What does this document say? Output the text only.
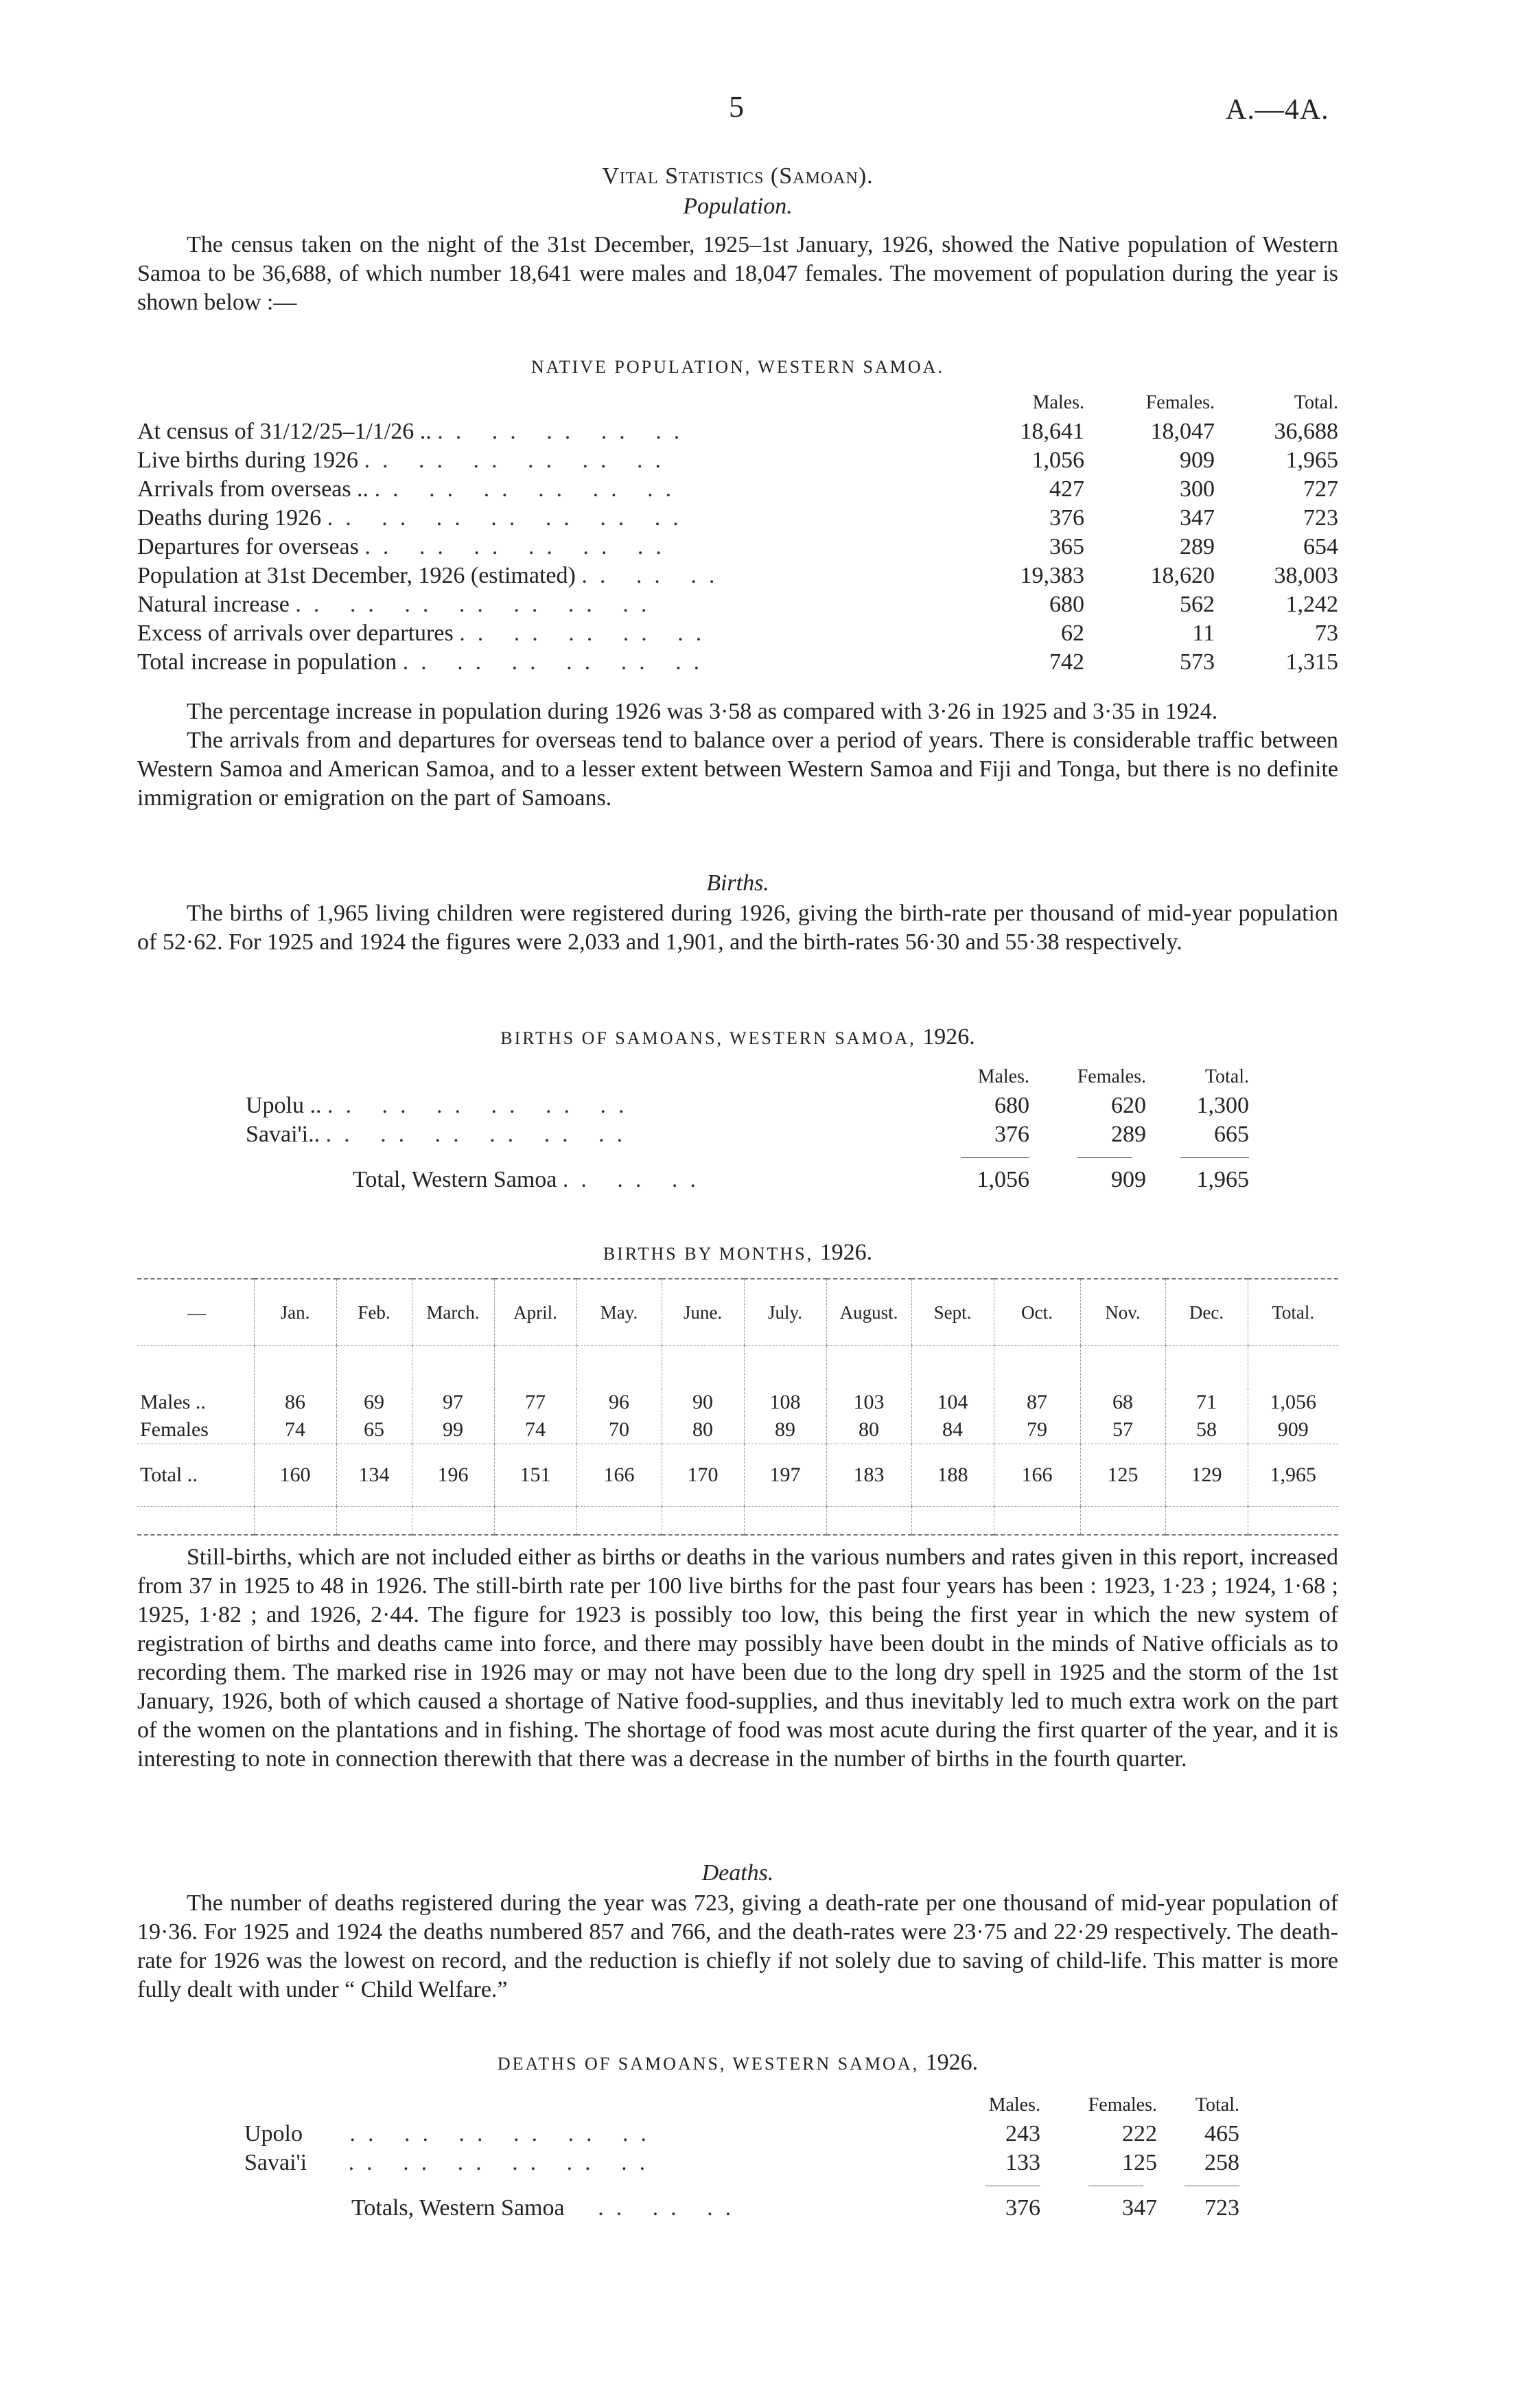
5	A.—4A.
Vital Statistics (Samoan).
Population.

The census taken on the night of the 31st December, 1925–1st January, 1926, showed the Native population of Western Samoa to be 36,688, of which number 18,641 were males and 18,047 females. The movement of population during the year is shown below :—

NATIVE POPULATION, WESTERN SAMOA.
	Males.	Females.	Total.
At census of 31/12/25–1/1/26 .. .. .. .. .. ..	18,641	18,047	36,688
Live births during 1926 .. .. .. .. .. ..	1,056	909	1,965
Arrivals from overseas .. .. .. .. .. .. ..	427	300	727
Deaths during 1926 .. .. .. .. .. .. ..	376	347	723
Departures for overseas .. .. .. .. .. ..	365	289	654
Population at 31st December, 1926 (estimated) .. .. ..	19,383	18,620	38,003
Natural increase .. .. .. .. .. .. ..	680	562	1,242
Excess of arrivals over departures .. .. .. .. ..	62	11	73
Total increase in population .. .. .. .. .. ..	742	573	1,315

The percentage increase in population during 1926 was 3·58 as compared with 3·26 in 1925 and 3·35 in 1924.

The arrivals from and departures for overseas tend to balance over a period of years. There is considerable traffic between Western Samoa and American Samoa, and to a lesser extent between Western Samoa and Fiji and Tonga, but there is no definite immigration or emigration on the part of Samoans.

Births.

The births of 1,965 living children were registered during 1926, giving the birth-rate per thousand of mid-year population of 52·62. For 1925 and 1924 the figures were 2,033 and 1,901, and the birth-rates 56·30 and 55·38 respectively.

BIRTHS OF SAMOANS, WESTERN SAMOA, 1926.
	Males.	Females.	Total.
Upolu .. .. .. .. .. .. ..	680	620	1,300
Savai'i.. .. .. .. .. .. ..	376	289	665

Total, Western Samoa .. .. ..	1,056	909	1,965
BIRTHS BY MONTHS, 1926.
—	Jan.	Feb.	March.	April.	May.	June.	July.	August.	Sept.	Oct.	Nov.	Dec.	Total.

Males ..	86	69	97	77	96	90	108	103	104	87	68	71	1,056
Females	74	65	99	74	70	80	89	80	84	79	57	58	909
Total ..	160	134	196	151	166	170	197	183	188	166	125	129	1,965

Still-births, which are not included either as births or deaths in the various numbers and rates given in this report, increased from 37 in 1925 to 48 in 1926. The still-birth rate per 100 live births for the past four years has been : 1923, 1·23 ; 1924, 1·68 ; 1925, 1·82 ; and 1926, 2·44. The figure for 1923 is possibly too low, this being the first year in which the new system of registration of births and deaths came into force, and there may possibly have been doubt in the minds of Native officials as to recording them. The marked rise in 1926 may or may not have been due to the long dry spell in 1925 and the storm of the 1st January, 1926, both of which caused a shortage of Native food-supplies, and thus inevitably led to much extra work on the part of the women on the plantations and in fishing. The shortage of food was most acute during the first quarter of the year, and it is interesting to note in connection therewith that there was a decrease in the number of births in the fourth quarter.

Deaths.

The number of deaths registered during the year was 723, giving a death-rate per one thousand of mid-year population of 19·36. For 1925 and 1924 the deaths numbered 857 and 766, and the death-rates were 23·75 and 22·29 respectively. The death-rate for 1926 was the lowest on record, and the reduction is chiefly if not solely due to saving of child-life. This matter is more fully dealt with under “ Child Welfare.”

DEATHS OF SAMOANS, WESTERN SAMOA, 1926.
	Males.	Females.	Total.
Upolo .. .. .. .. .. ..	243	222	465
Savai'i .. .. .. .. .. ..	133	125	258

Totals, Western Samoa .. .. ..	376	347	723
